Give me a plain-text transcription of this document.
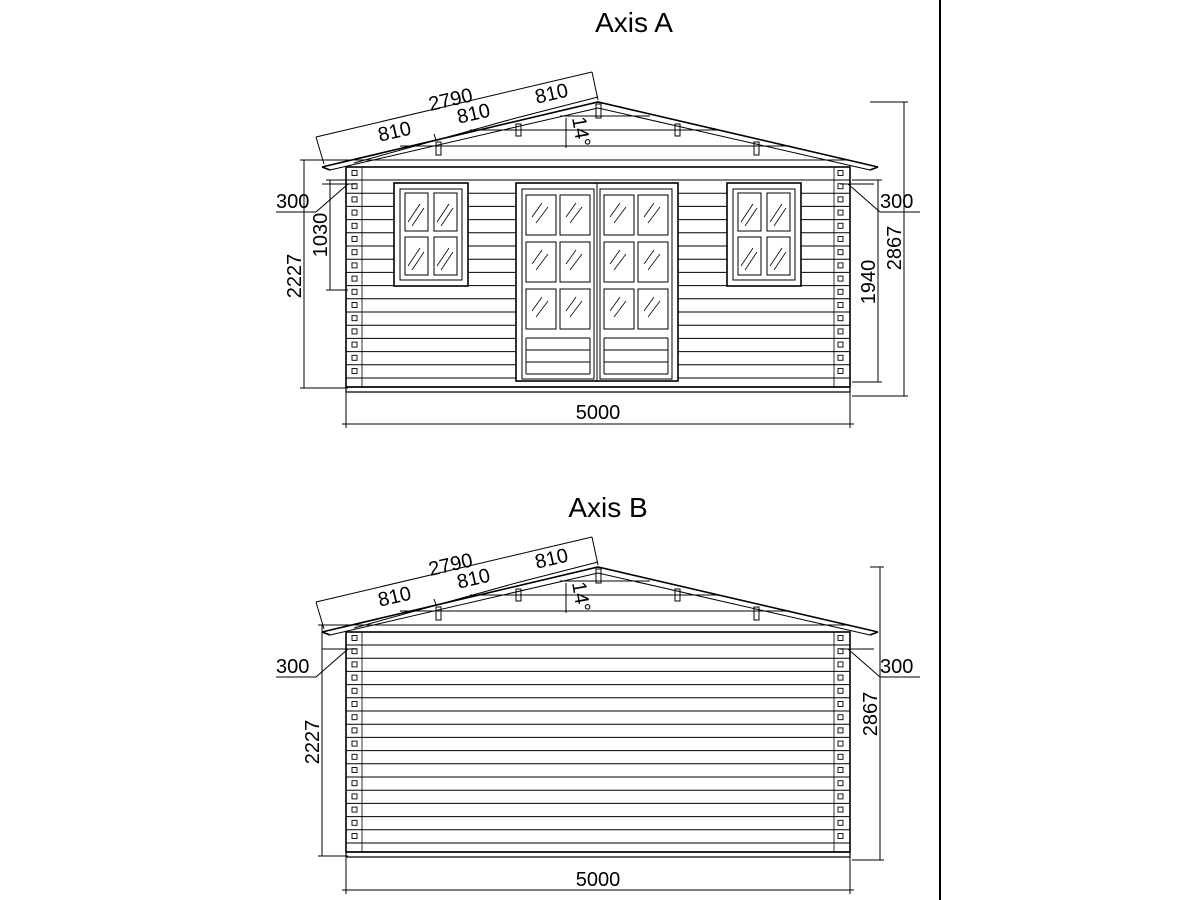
Axis A
2790
810
810
810
14°
300
1030
2227
300
1940
2867
5000
Axis B
2790
810
810
810
14°
300
2227
300
2867
5000
